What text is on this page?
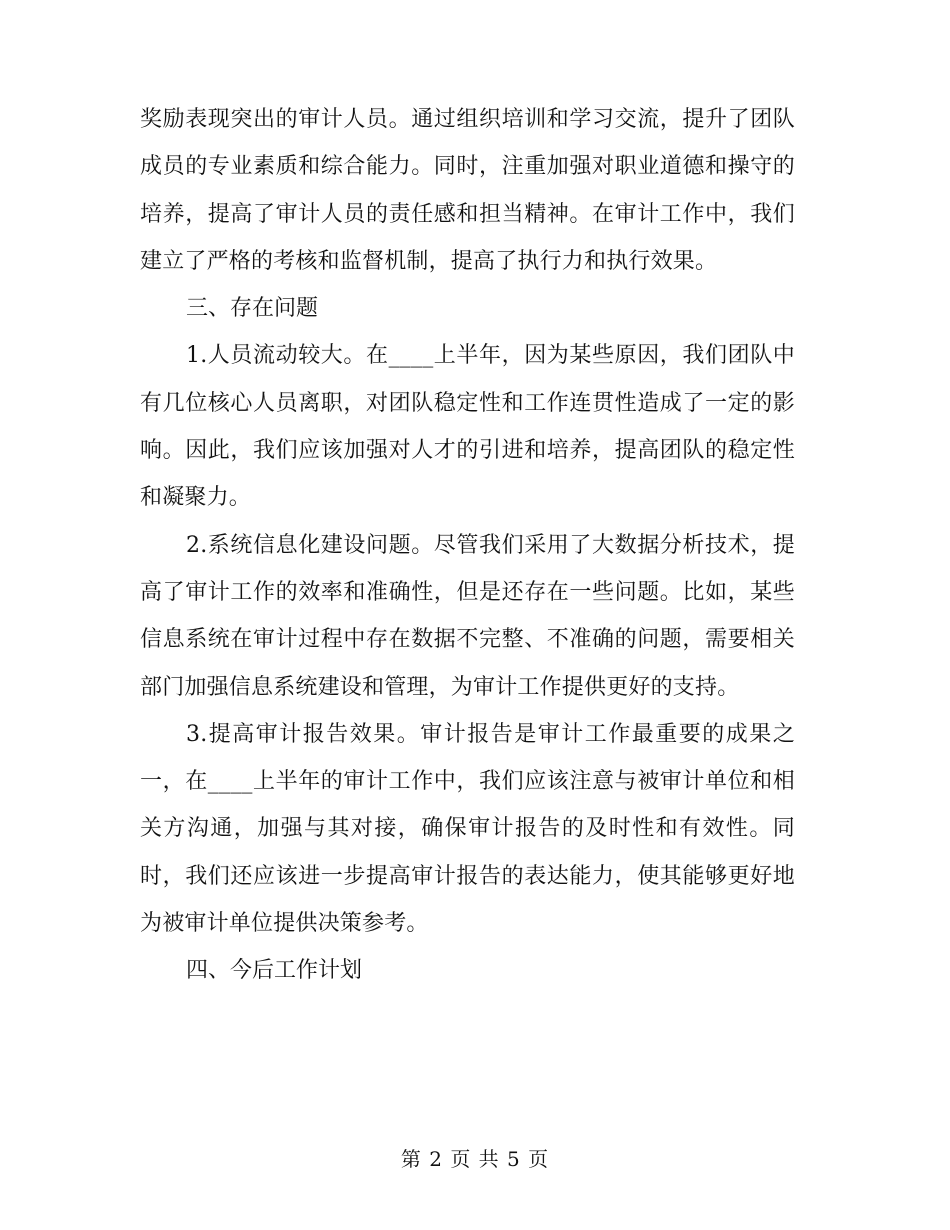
奖励表现突出的审计人员。通过组织培训和学习交流，提升了团队成员的专业素质和综合能力。同时，注重加强对职业道德和操守的培养，提高了审计人员的责任感和担当精神。在审计工作中，我们建立了严格的考核和监督机制，提高了执行力和执行效果。

三、存在问题

1.人员流动较大。在____上半年，因为某些原因，我们团队中有几位核心人员离职，对团队稳定性和工作连贯性造成了一定的影响。因此，我们应该加强对人才的引进和培养，提高团队的稳定性和凝聚力。

2.系统信息化建设问题。尽管我们采用了大数据分析技术，提高了审计工作的效率和准确性，但是还存在一些问题。比如，某些信息系统在审计过程中存在数据不完整、不准确的问题，需要相关部门加强信息系统建设和管理，为审计工作提供更好的支持。

3.提高审计报告效果。审计报告是审计工作最重要的成果之一，在____上半年的审计工作中，我们应该注意与被审计单位和相关方沟通，加强与其对接，确保审计报告的及时性和有效性。同时，我们还应该进一步提高审计报告的表达能力，使其能够更好地为被审计单位提供决策参考。

四、今后工作计划

第 2 页 共 5 页
